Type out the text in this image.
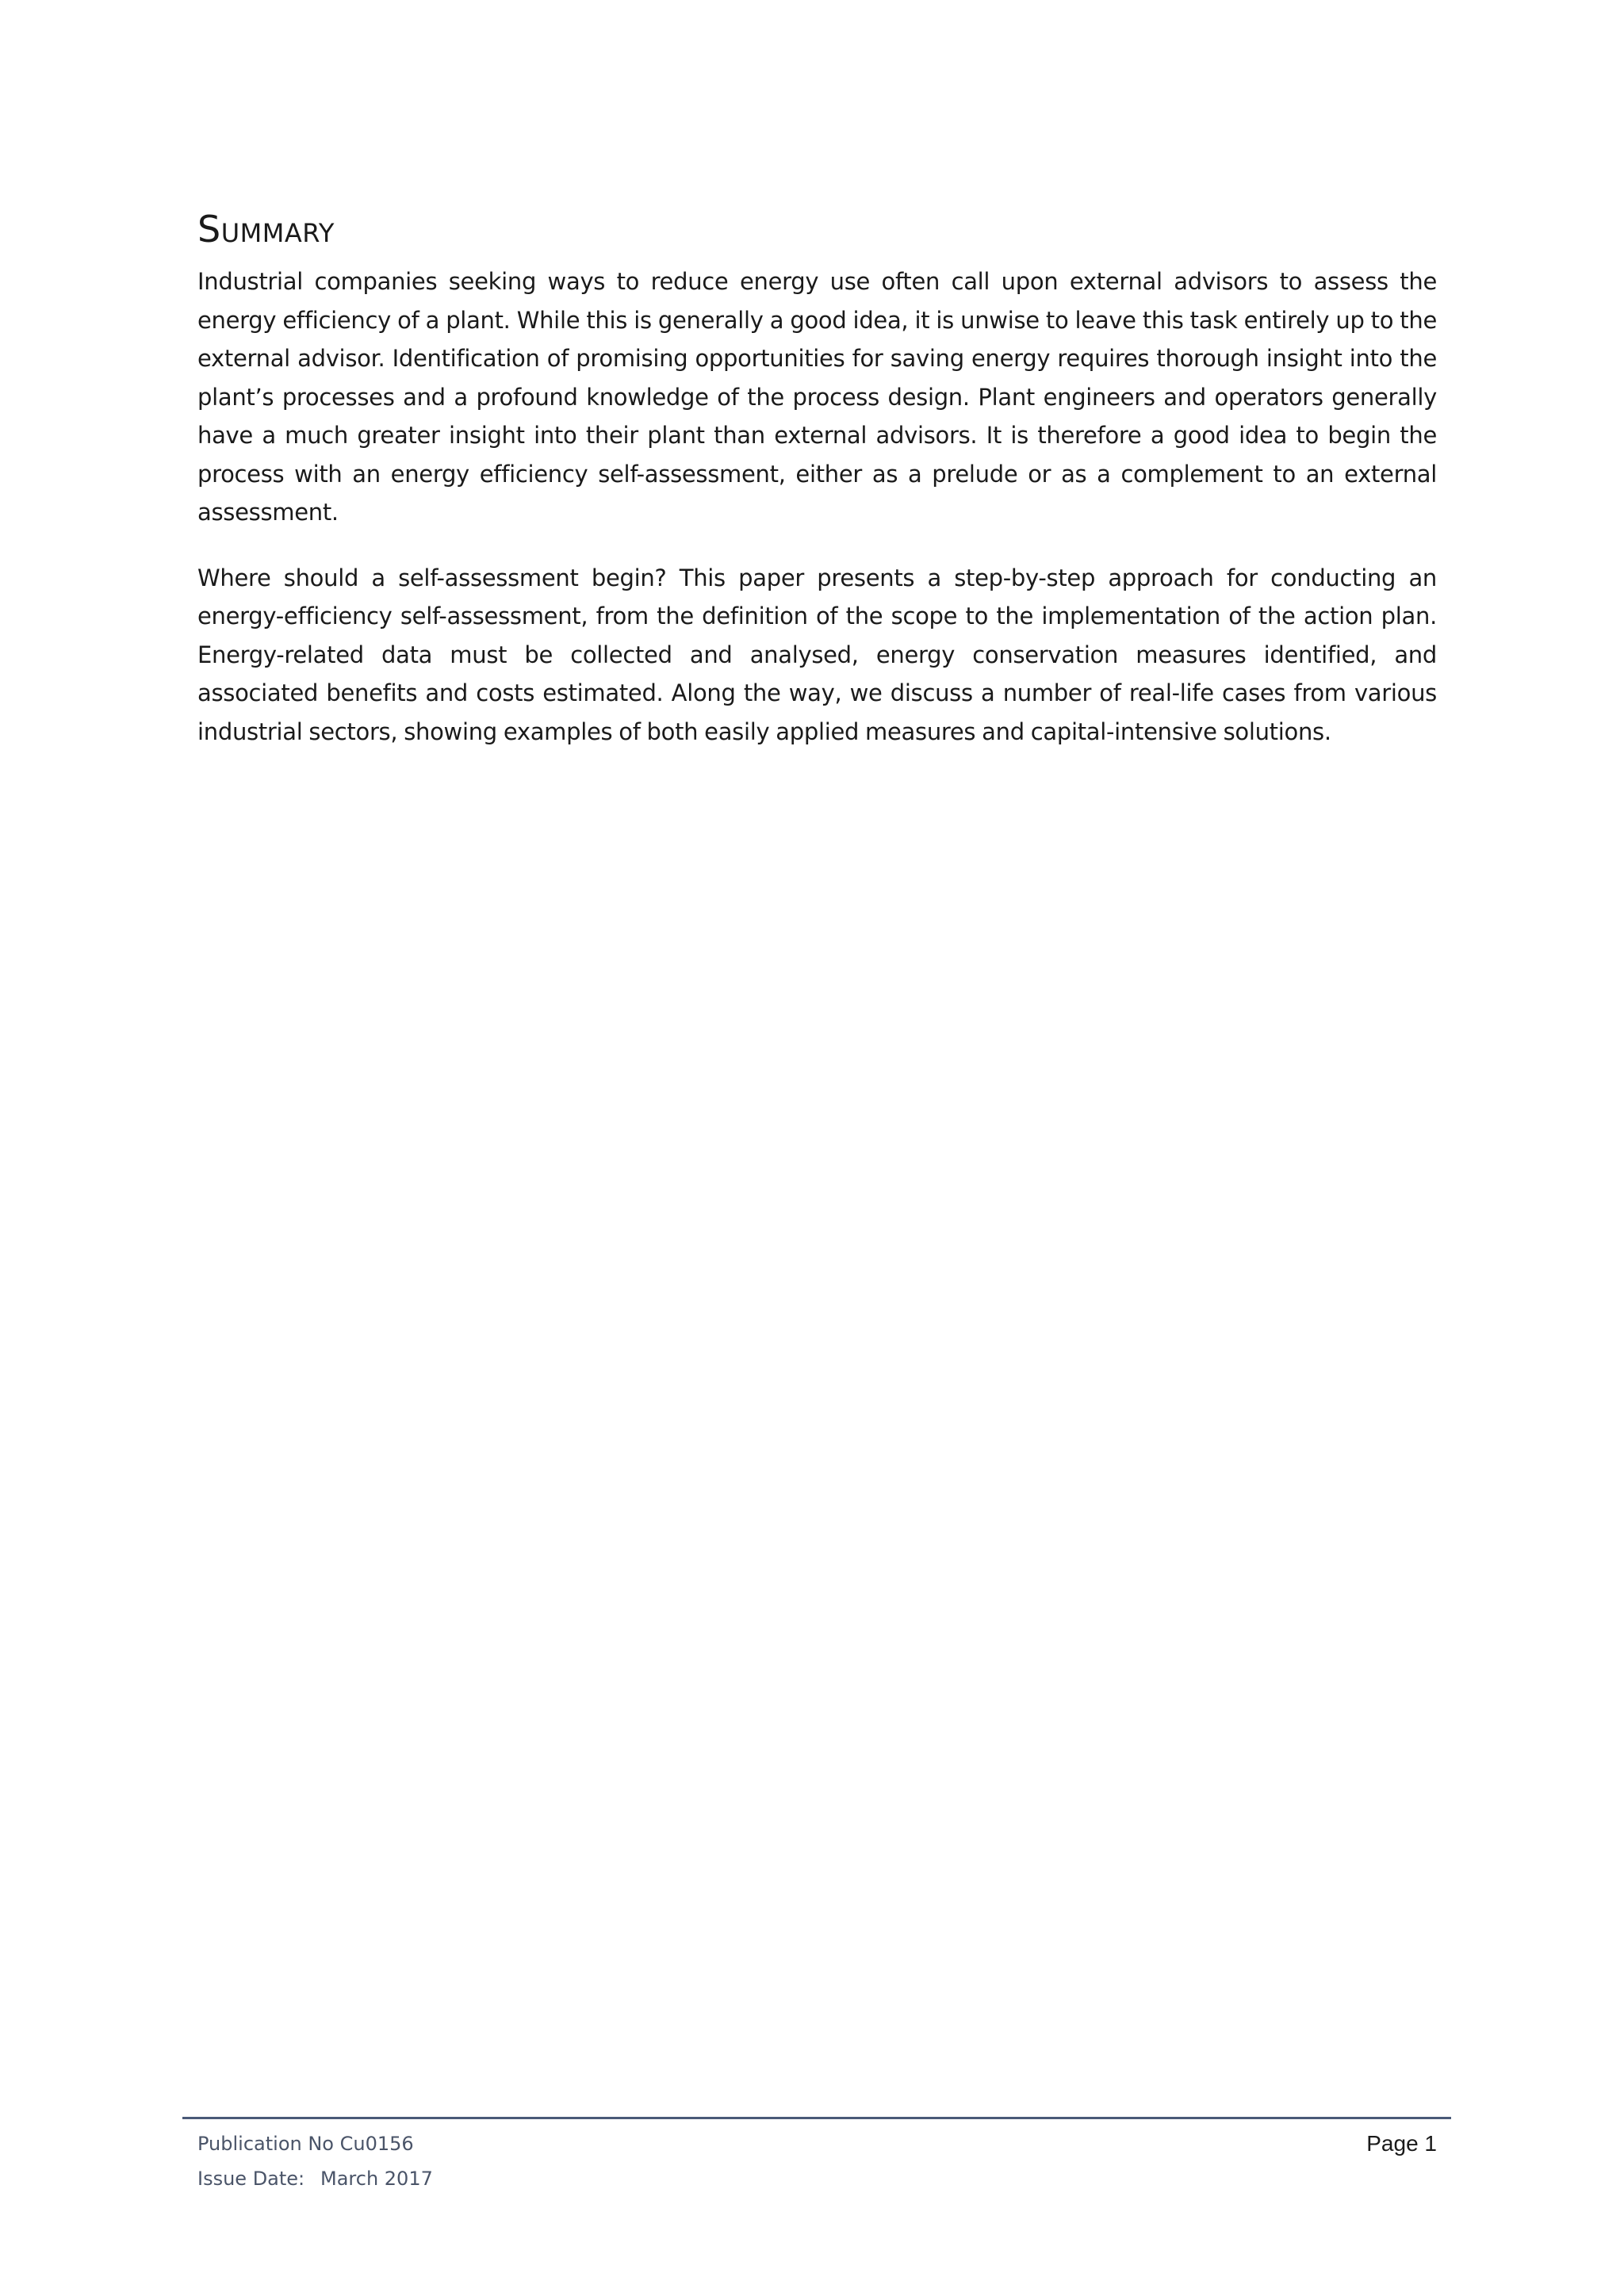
Summary

Industrial companies seeking ways to reduce energy use often call upon external advisors to assess the energy efficiency of a plant. While this is generally a good idea, it is unwise to leave this task entirely up to the external advisor. Identification of promising opportunities for saving energy requires thorough insight into the plant’s processes and a profound knowledge of the process design. Plant engineers and operators generally have a much greater insight into their plant than external advisors. It is therefore a good idea to begin the process with an energy efficiency self-assessment, either as a prelude or as a complement to an external assessment.

Where should a self-assessment begin? This paper presents a step-by-step approach for conducting an energy-efficiency self-assessment, from the definition of the scope to the implementation of the action plan. Energy-related data must be collected and analysed, energy conservation measures identified, and associated benefits and costs estimated. Along the way, we discuss a number of real-life cases from various industrial sectors, showing examples of both easily applied measures and capital-intensive solutions.

Publication No Cu0156
Issue Date: March 2017
Page 1
